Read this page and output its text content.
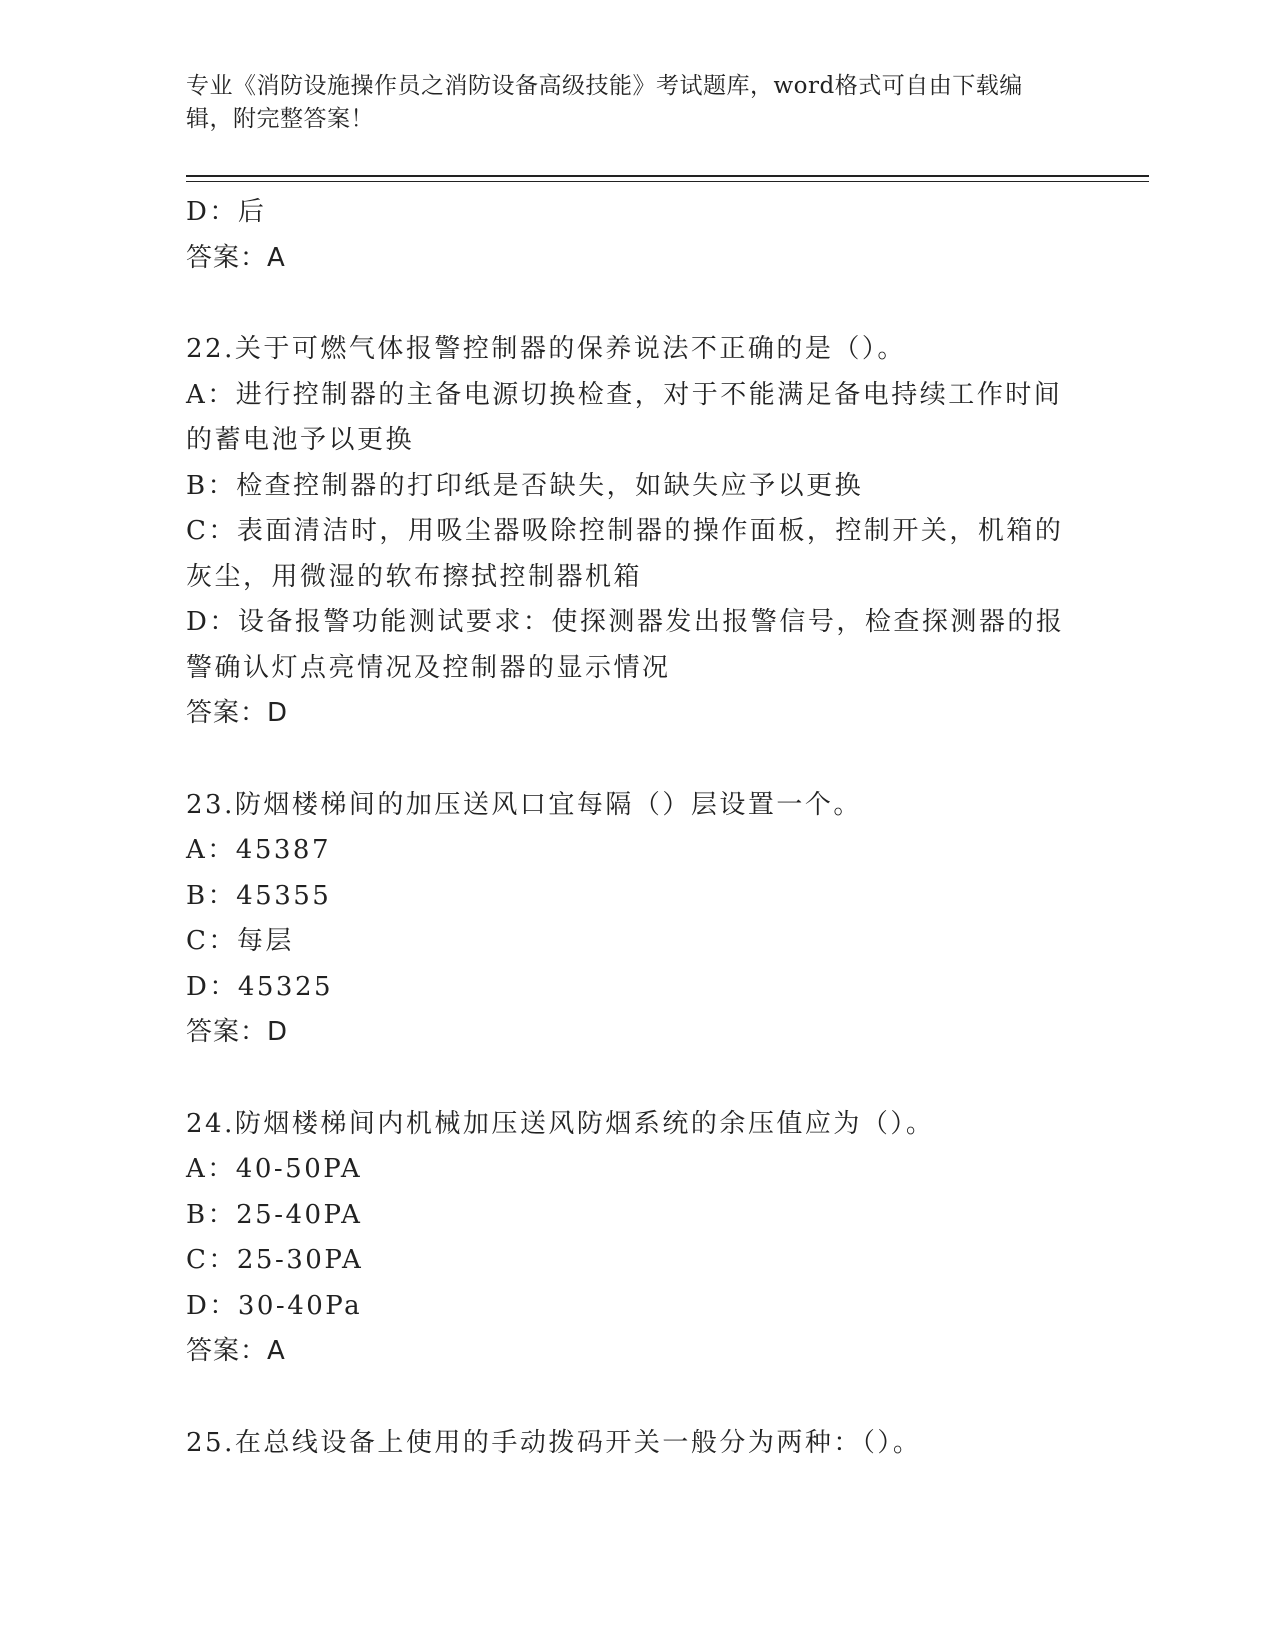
专业《消防设施操作员之消防设备高级技能》考试题库，word格式可自由下载编辑，附完整答案！
D：后
答案：A
22.关于可燃气体报警控制器的保养说法不正确的是（）。
A：进行控制器的主备电源切换检查，对于不能满足备电持续工作时间的蓄电池予以更换
B：检查控制器的打印纸是否缺失，如缺失应予以更换
C：表面清洁时，用吸尘器吸除控制器的操作面板，控制开关，机箱的灰尘，用微湿的软布擦拭控制器机箱
D：设备报警功能测试要求：使探测器发出报警信号，检查探测器的报警确认灯点亮情况及控制器的显示情况
答案：D
23.防烟楼梯间的加压送风口宜每隔（）层设置一个。
A：45387
B：45355
C：每层
D：45325
答案：D
24.防烟楼梯间内机械加压送风防烟系统的余压值应为（）。
A：40-50PA
B：25-40PA
C：25-30PA
D：30-40Pa
答案：A
25.在总线设备上使用的手动拨码开关一般分为两种：（）。
